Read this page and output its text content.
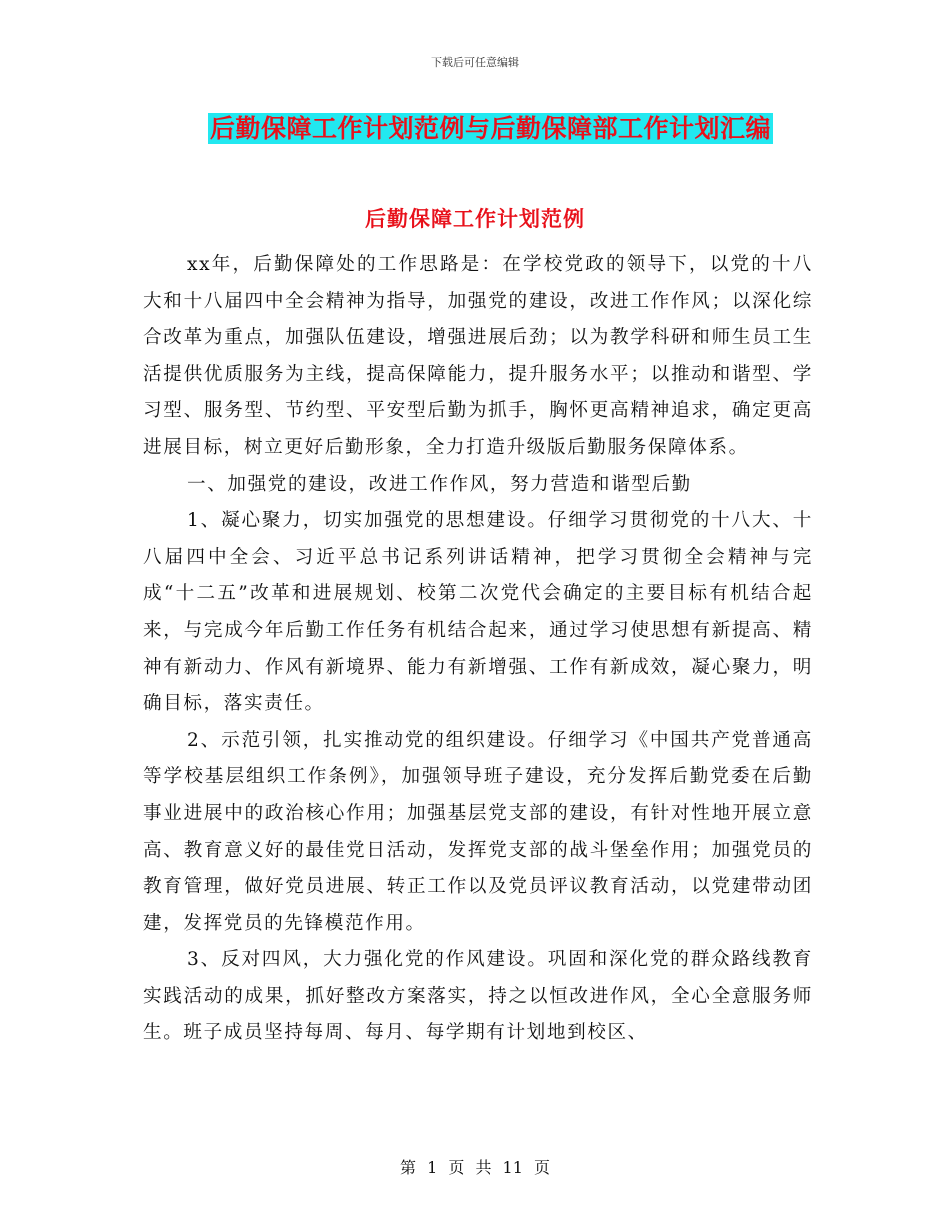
下载后可任意编辑
后勤保障工作计划范例与后勤保障部工作计划汇编
后勤保障工作计划范例

xx年，后勤保障处的工作思路是：在学校党政的领导下，以党的十八大和十八届四中全会精神为指导，加强党的建设，改进工作作风；以深化综合改革为重点，加强队伍建设，增强进展后劲；以为教学科研和师生员工生活提供优质服务为主线，提高保障能力，提升服务水平；以推动和谐型、学习型、服务型、节约型、平安型后勤为抓手，胸怀更高精神追求，确定更高进展目标，树立更好后勤形象，全力打造升级版后勤服务保障体系。

一、加强党的建设，改进工作作风，努力营造和谐型后勤

1、凝心聚力，切实加强党的思想建设。仔细学习贯彻党的十八大、十八届四中全会、习近平总书记系列讲话精神，把学习贯彻全会精神与完成“十二五”改革和进展规划、校第二次党代会确定的主要目标有机结合起来，与完成今年后勤工作任务有机结合起来，通过学习使思想有新提高、精神有新动力、作风有新境界、能力有新增强、工作有新成效，凝心聚力，明确目标，落实责任。

2、示范引领，扎实推动党的组织建设。仔细学习《中国共产党普通高等学校基层组织工作条例》，加强领导班子建设，充分发挥后勤党委在后勤事业进展中的政治核心作用；加强基层党支部的建设，有针对性地开展立意高、教育意义好的最佳党日活动，发挥党支部的战斗堡垒作用；加强党员的教育管理，做好党员进展、转正工作以及党员评议教育活动，以党建带动团建，发挥党员的先锋模范作用。

3、反对四风，大力强化党的作风建设。巩固和深化党的群众路线教育实践活动的成果，抓好整改方案落实，持之以恒改进作风，全心全意服务师生。班子成员坚持每周、每月、每学期有计划地到校区、

第 1 页 共 11 页
